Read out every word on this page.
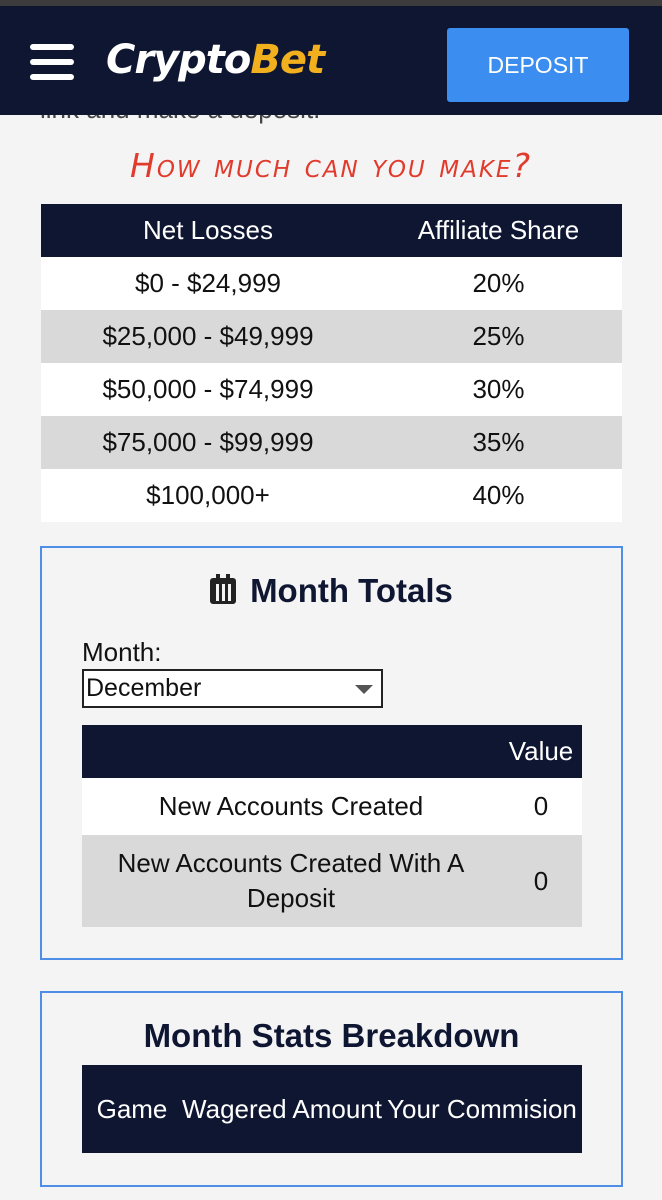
CryptoBet	DEPOSIT
How much can you make?
Net Losses	Affiliate Share
$0 - $24,999	20%
$25,000 - $49,999	25%
$50,000 - $74,999	30%
$75,000 - $99,999	35%
$100,000+	40%
Month Totals
Month:
December
	Value
New Accounts Created	0
New Accounts Created With A Deposit	0
Month Stats Breakdown
Game	Wagered Amount	Your Commision
